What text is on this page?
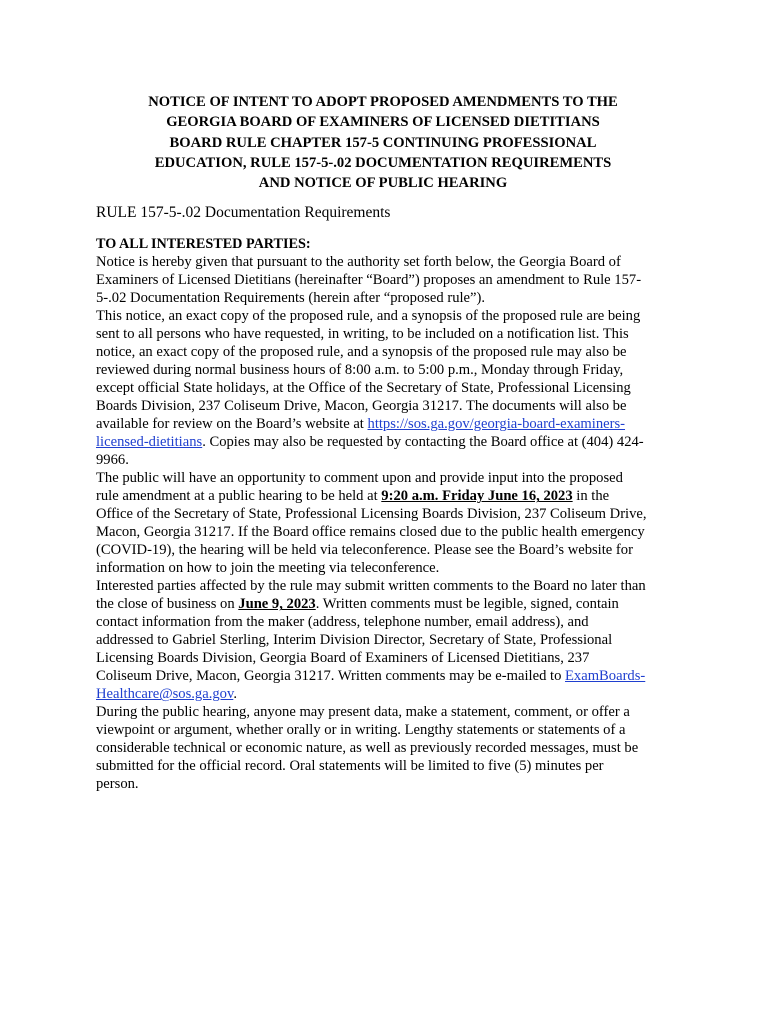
NOTICE OF INTENT TO ADOPT PROPOSED AMENDMENTS TO THE
GEORGIA BOARD OF EXAMINERS OF LICENSED DIETITIANS
BOARD RULE CHAPTER 157-5 CONTINUING PROFESSIONAL
EDUCATION, RULE 157-5-.02 DOCUMENTATION REQUIREMENTS
AND NOTICE OF PUBLIC HEARING
RULE 157-5-.02 Documentation Requirements
TO ALL INTERESTED PARTIES:

Notice is hereby given that pursuant to the authority set forth below, the Georgia Board of
Examiners of Licensed Dietitians (hereinafter “Board”) proposes an amendment to Rule 157-
5-.02 Documentation Requirements (herein after “proposed rule”).

This notice, an exact copy of the proposed rule, and a synopsis of the proposed rule are being
sent to all persons who have requested, in writing, to be included on a notification list. This
notice, an exact copy of the proposed rule, and a synopsis of the proposed rule may also be
reviewed during normal business hours of 8:00 a.m. to 5:00 p.m., Monday through Friday,
except official State holidays, at the Office of the Secretary of State, Professional Licensing
Boards Division, 237 Coliseum Drive, Macon, Georgia 31217. The documents will also be
available for review on the Board’s website at https://sos.ga.gov/georgia-board-examiners-
licensed-dietitians. Copies may also be requested by contacting the Board office at (404) 424-
9966.

The public will have an opportunity to comment upon and provide input into the proposed
rule amendment at a public hearing to be held at 9:20 a.m. Friday June 16, 2023 in the
Office of the Secretary of State, Professional Licensing Boards Division, 237 Coliseum Drive,
Macon, Georgia 31217. If the Board office remains closed due to the public health emergency
(COVID-19), the hearing will be held via teleconference. Please see the Board’s website for
information on how to join the meeting via teleconference.

Interested parties affected by the rule may submit written comments to the Board no later than
the close of business on June 9, 2023. Written comments must be legible, signed, contain
contact information from the maker (address, telephone number, email address), and
addressed to Gabriel Sterling, Interim Division Director, Secretary of State, Professional
Licensing Boards Division, Georgia Board of Examiners of Licensed Dietitians, 237
Coliseum Drive, Macon, Georgia 31217. Written comments may be e-mailed to ExamBoards-
Healthcare@sos.ga.gov.

During the public hearing, anyone may present data, make a statement, comment, or offer a
viewpoint or argument, whether orally or in writing. Lengthy statements or statements of a
considerable technical or economic nature, as well as previously recorded messages, must be
submitted for the official record. Oral statements will be limited to five (5) minutes per
person.
